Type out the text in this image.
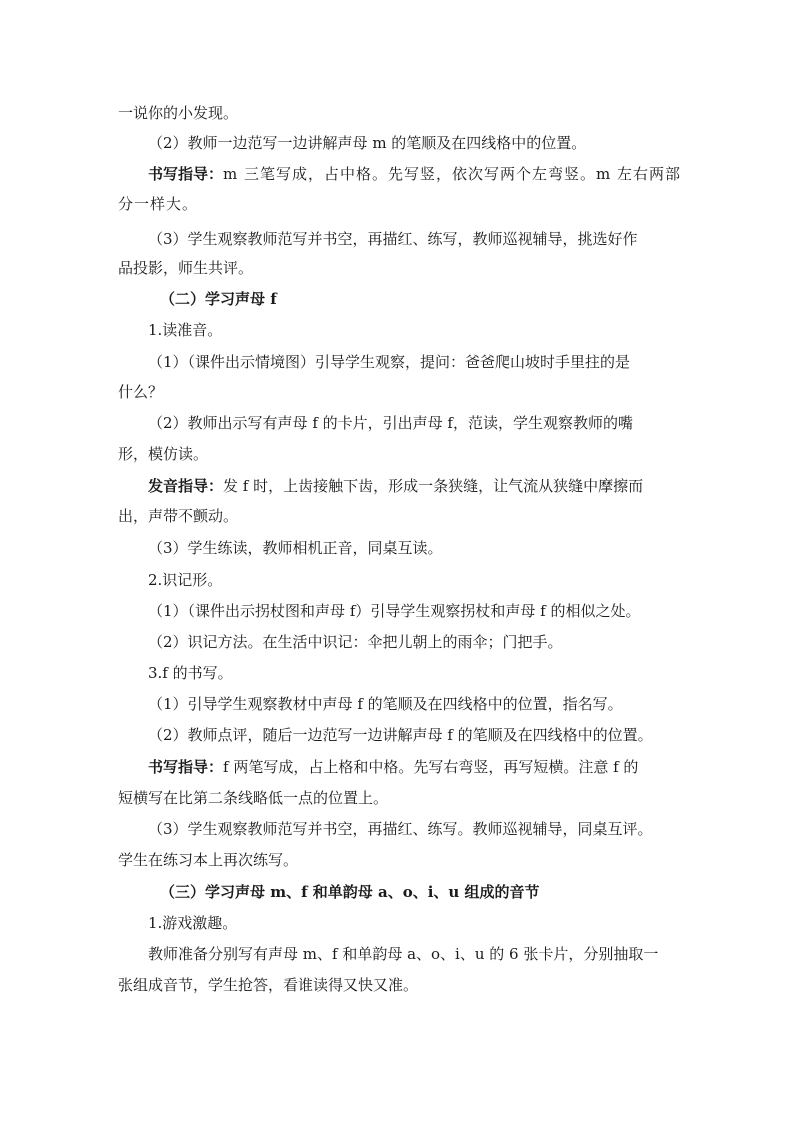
一说你的小发现。
（2）教师一边范写一边讲解声母 m 的笔顺及在四线格中的位置。
书写指导：m 三笔写成，占中格。先写竖，依次写两个左弯竖。m 左右两部
分一样大。
（3）学生观察教师范写并书空，再描红、练写，教师巡视辅导，挑选好作
品投影，师生共评。
（二）学习声母 f
1.读准音。
（1）（课件出示情境图）引导学生观察，提问：爸爸爬山坡时手里拄的是
什么？
（2）教师出示写有声母 f 的卡片，引出声母 f，范读，学生观察教师的嘴
形，模仿读。
发音指导：发 f 时，上齿接触下齿，形成一条狭缝，让气流从狭缝中摩擦而
出，声带不颤动。
（3）学生练读，教师相机正音，同桌互读。
2.识记形。
（1）（课件出示拐杖图和声母 f）引导学生观察拐杖和声母 f 的相似之处。
（2）识记方法。在生活中识记：伞把儿朝上的雨伞；门把手。
3.f 的书写。
（1）引导学生观察教材中声母 f 的笔顺及在四线格中的位置，指名写。
（2）教师点评，随后一边范写一边讲解声母 f 的笔顺及在四线格中的位置。
书写指导：f 两笔写成，占上格和中格。先写右弯竖，再写短横。注意 f 的
短横写在比第二条线略低一点的位置上。
（3）学生观察教师范写并书空，再描红、练写。教师巡视辅导，同桌互评。
学生在练习本上再次练写。
（三）学习声母 m、f 和单韵母 a、o、i、u 组成的音节
1.游戏激趣。
教师准备分别写有声母 m、f 和单韵母 a、o、i、u 的 6 张卡片，分别抽取一
张组成音节，学生抢答，看谁读得又快又准。
